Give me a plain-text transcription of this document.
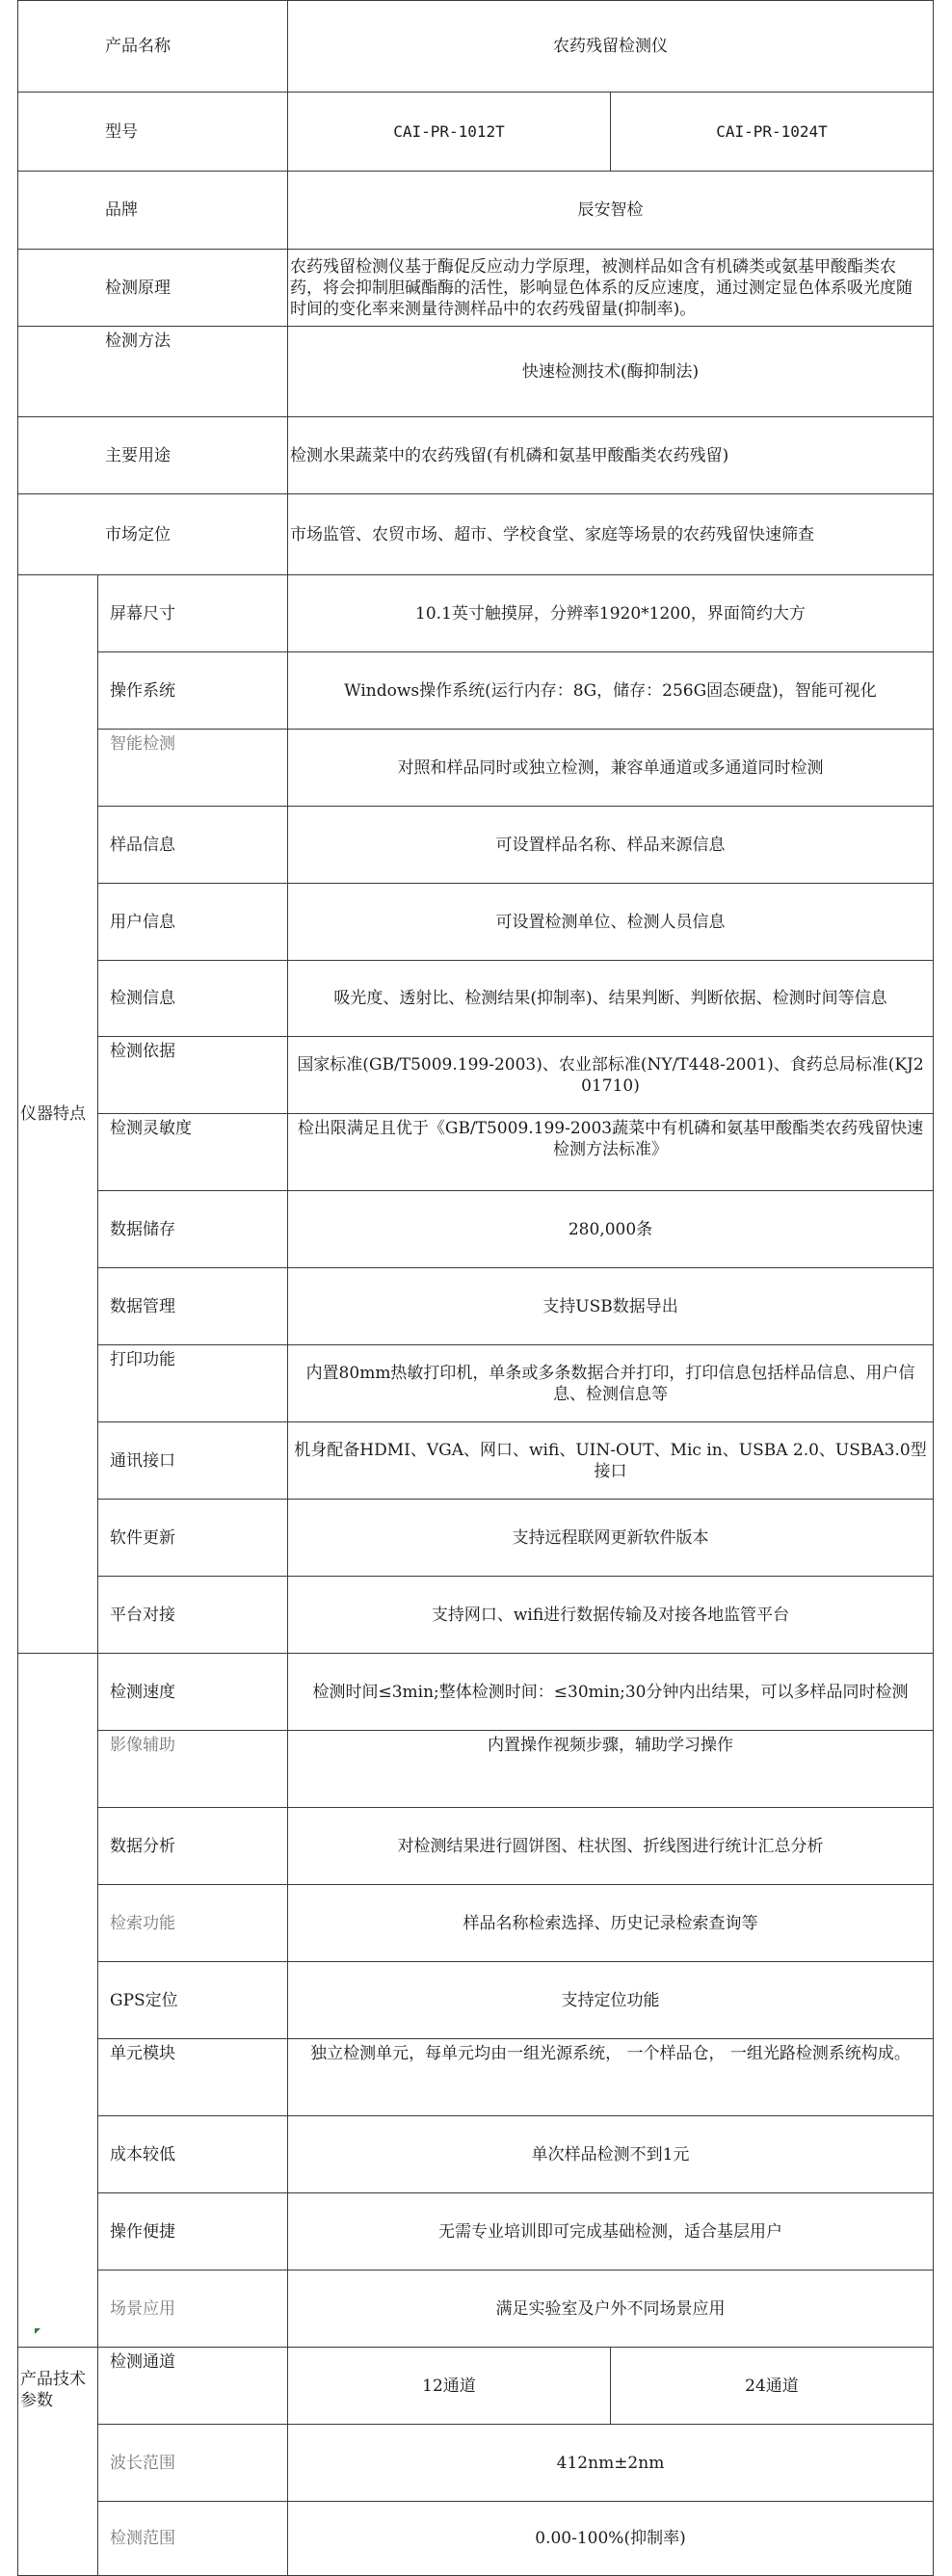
产品名称		农药残留检测仪	
型号		CAI-PR-1012T	CAI-PR-1024T
品牌		辰安智检	
检测原理		农药残留检测仪基于酶促反应动力学原理，被测样品如含有机磷类或氨基甲酸酯类农药，将会抑制胆碱酯酶的活性，影响显色体系的反应速度，通过测定显色体系吸光度随时间的变化率来测量待测样品中的农药残留量(抑制率)。	
检测方法		快速检测技术(酶抑制法)	
主要用途		检测水果蔬菜中的农药残留(有机磷和氨基甲酸酯类农药残留)	
市场定位		市场监管、农贸市场、超市、学校食堂、家庭等场景的农药残留快速筛查	
仪器特点	屏幕尺寸	10.1英寸触摸屏，分辨率1920*1200，界面简约大方	
	操作系统	Windows操作系统(运行内存：8G，储存：256G固态硬盘)，智能可视化	
	智能检测	对照和样品同时或独立检测，兼容单通道或多通道同时检测	
	样品信息	可设置样品名称、样品来源信息	
	用户信息	可设置检测单位、检测人员信息	
	检测信息	吸光度、透射比、检测结果(抑制率)、结果判断、判断依据、检测时间等信息	
	检测依据	国家标准(GB/T5009.199-2003)、农业部标准(NY/T448-2001)、食药总局标准(KJ201710)	
	检测灵敏度	检出限满足且优于《GB/T5009.199-2003蔬菜中有机磷和氨基甲酸酯类农药残留快速检测方法标准》	
	数据储存	280,000条	
	数据管理	支持USB数据导出	
	打印功能	内置80mm热敏打印机，单条或多条数据合并打印，打印信息包括样品信息、用户信息、检测信息等	
	通讯接口	机身配备HDMI、VGA、网口、wifi、UIN-OUT、Mic in、USBA 2.0、USBA3.0型接口	
	软件更新	支持远程联网更新软件版本	
	平台对接	支持网口、wifi进行数据传输及对接各地监管平台	
	检测速度	检测时间≤3min;整体检测时间：≤30min;30分钟内出结果，可以多样品同时检测	
	影像辅助	内置操作视频步骤，辅助学习操作	
	数据分析	对检测结果进行圆饼图、柱状图、折线图进行统计汇总分析	
	检索功能	样品名称检索选择、历史记录检索查询等	
	GPS定位	支持定位功能	
	单元模块	独立检测单元，每单元均由一组光源系统， 一个样品仓， 一组光路检测系统构成。	
	成本较低	单次样品检测不到1元	
	操作便捷	无需专业培训即可完成基础检测，适合基层用户	
	场景应用	满足实验室及户外不同场景应用	
产品技术参数	检测通道	12通道	24通道
	波长范围	412nm±2nm	
	检测范围	0.00-100%(抑制率)	
